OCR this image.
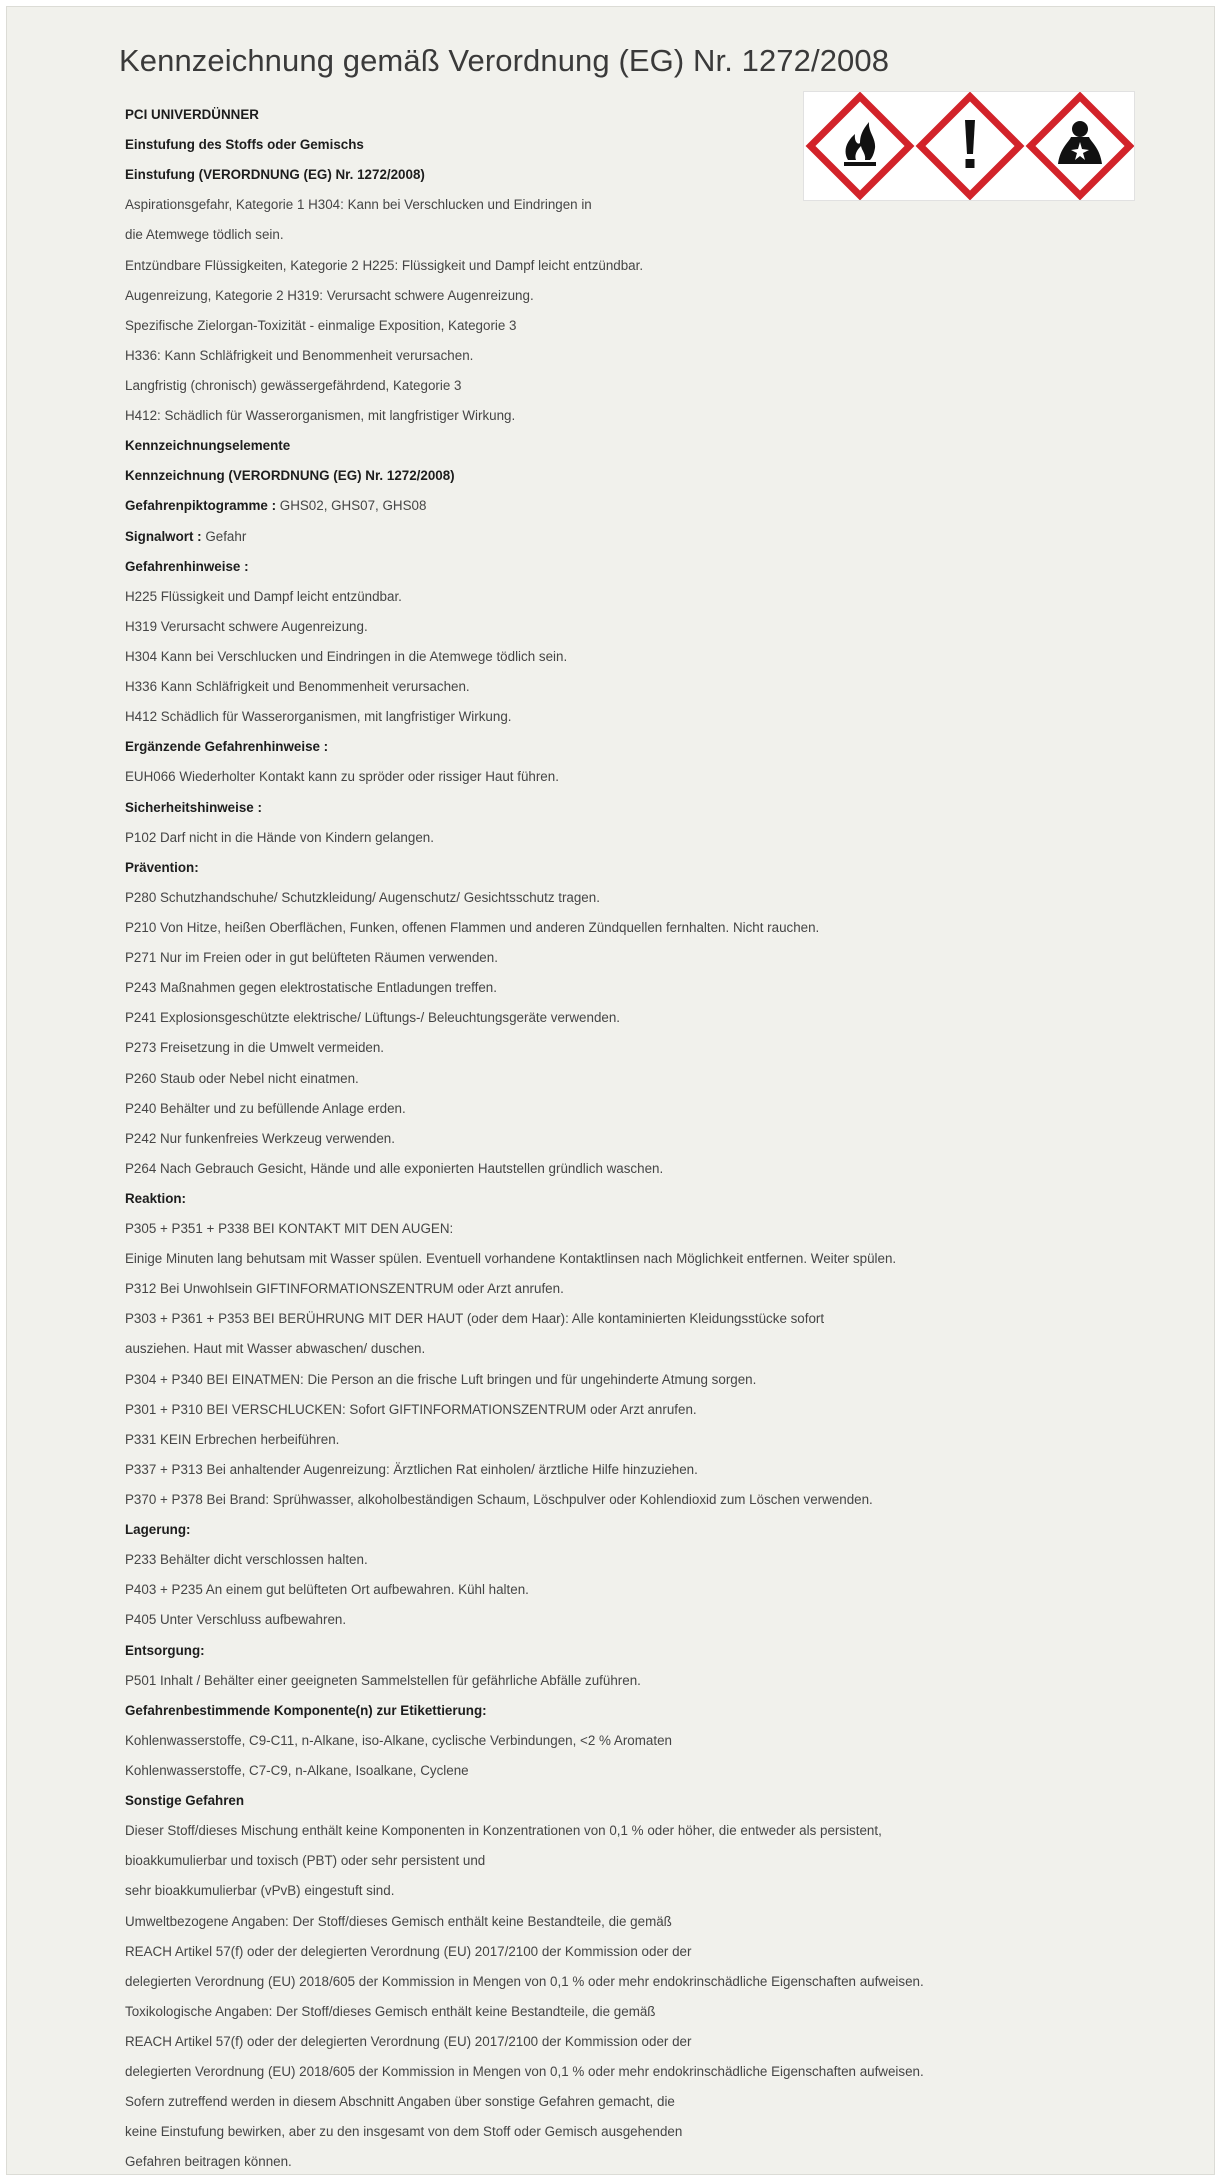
Kennzeichnung gemäß Verordnung (EG) Nr. 1272/2008
PCI UNIVERDÜNNER
Einstufung des Stoffs oder Gemischs
Einstufung (VERORDNUNG (EG) Nr. 1272/2008)
Aspirationsgefahr, Kategorie 1 H304: Kann bei Verschlucken und Eindringen in
die Atemwege tödlich sein.
Entzündbare Flüssigkeiten, Kategorie 2 H225: Flüssigkeit und Dampf leicht entzündbar.
Augenreizung, Kategorie 2 H319: Verursacht schwere Augenreizung.
Spezifische Zielorgan-Toxizität - einmalige Exposition, Kategorie 3
H336: Kann Schläfrigkeit und Benommenheit verursachen.
Langfristig (chronisch) gewässergefährdend, Kategorie 3
H412: Schädlich für Wasserorganismen, mit langfristiger Wirkung.
Kennzeichnungselemente
Kennzeichnung (VERORDNUNG (EG) Nr. 1272/2008)
Gefahrenpiktogramme : GHS02, GHS07, GHS08
Signalwort : Gefahr
Gefahrenhinweise :
H225 Flüssigkeit und Dampf leicht entzündbar.
H319 Verursacht schwere Augenreizung.
H304 Kann bei Verschlucken und Eindringen in die Atemwege tödlich sein.
H336 Kann Schläfrigkeit und Benommenheit verursachen.
H412 Schädlich für Wasserorganismen, mit langfristiger Wirkung.
Ergänzende Gefahrenhinweise :
EUH066 Wiederholter Kontakt kann zu spröder oder rissiger Haut führen.
Sicherheitshinweise :
P102 Darf nicht in die Hände von Kindern gelangen.
Prävention:
P280 Schutzhandschuhe/ Schutzkleidung/ Augenschutz/ Gesichtsschutz tragen.
P210 Von Hitze, heißen Oberflächen, Funken, offenen Flammen und anderen Zündquellen fernhalten. Nicht rauchen.
P271 Nur im Freien oder in gut belüfteten Räumen verwenden.
P243 Maßnahmen gegen elektrostatische Entladungen treffen.
P241 Explosionsgeschützte elektrische/ Lüftungs-/ Beleuchtungsgeräte verwenden.
P273 Freisetzung in die Umwelt vermeiden.
P260 Staub oder Nebel nicht einatmen.
P240 Behälter und zu befüllende Anlage erden.
P242 Nur funkenfreies Werkzeug verwenden.
P264 Nach Gebrauch Gesicht, Hände und alle exponierten Hautstellen gründlich waschen.
Reaktion:
P305 + P351 + P338 BEI KONTAKT MIT DEN AUGEN:
Einige Minuten lang behutsam mit Wasser spülen. Eventuell vorhandene Kontaktlinsen nach Möglichkeit entfernen. Weiter spülen.
P312 Bei Unwohlsein GIFTINFORMATIONSZENTRUM oder Arzt anrufen.
P303 + P361 + P353 BEI BERÜHRUNG MIT DER HAUT (oder dem Haar): Alle kontaminierten Kleidungsstücke sofort
ausziehen. Haut mit Wasser abwaschen/ duschen.
P304 + P340 BEI EINATMEN: Die Person an die frische Luft bringen und für ungehinderte Atmung sorgen.
P301 + P310 BEI VERSCHLUCKEN: Sofort GIFTINFORMATIONSZENTRUM oder Arzt anrufen.
P331 KEIN Erbrechen herbeiführen.
P337 + P313 Bei anhaltender Augenreizung: Ärztlichen Rat einholen/ ärztliche Hilfe hinzuziehen.
P370 + P378 Bei Brand: Sprühwasser, alkoholbeständigen Schaum, Löschpulver oder Kohlendioxid zum Löschen verwenden.
Lagerung:
P233 Behälter dicht verschlossen halten.
P403 + P235 An einem gut belüfteten Ort aufbewahren. Kühl halten.
P405 Unter Verschluss aufbewahren.
Entsorgung:
P501 Inhalt / Behälter einer geeigneten Sammelstellen für gefährliche Abfälle zuführen.
Gefahrenbestimmende Komponente(n) zur Etikettierung:
Kohlenwasserstoffe, C9-C11, n-Alkane, iso-Alkane, cyclische Verbindungen, <2 % Aromaten
Kohlenwasserstoffe, C7-C9, n-Alkane, Isoalkane, Cyclene
Sonstige Gefahren
Dieser Stoff/dieses Mischung enthält keine Komponenten in Konzentrationen von 0,1 % oder höher, die entweder als persistent,
bioakkumulierbar und toxisch (PBT) oder sehr persistent und
sehr bioakkumulierbar (vPvB) eingestuft sind.
Umweltbezogene Angaben: Der Stoff/dieses Gemisch enthält keine Bestandteile, die gemäß
REACH Artikel 57(f) oder der delegierten Verordnung (EU) 2017/2100 der Kommission oder der
delegierten Verordnung (EU) 2018/605 der Kommission in Mengen von 0,1 % oder mehr endokrinschädliche Eigenschaften aufweisen.
Toxikologische Angaben: Der Stoff/dieses Gemisch enthält keine Bestandteile, die gemäß
REACH Artikel 57(f) oder der delegierten Verordnung (EU) 2017/2100 der Kommission oder der
delegierten Verordnung (EU) 2018/605 der Kommission in Mengen von 0,1 % oder mehr endokrinschädliche Eigenschaften aufweisen.
Sofern zutreffend werden in diesem Abschnitt Angaben über sonstige Gefahren gemacht, die
keine Einstufung bewirken, aber zu den insgesamt von dem Stoff oder Gemisch ausgehenden
Gefahren beitragen können.
